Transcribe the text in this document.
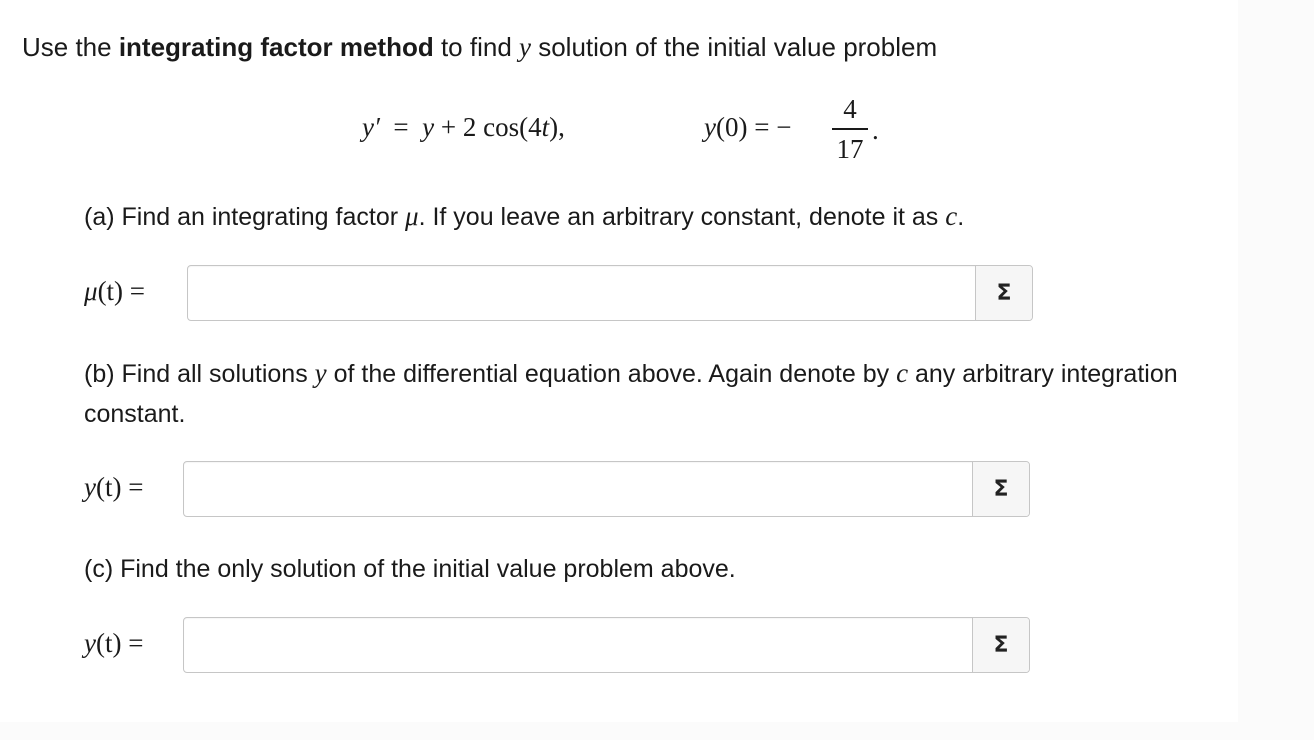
Use the integrating factor method to find y solution of the initial value problem
y′ = y + 2 cos(4t),	y(0) = −
4
17
.
(a) Find an integrating factor μ. If you leave an arbitrary constant, denote it as c.
μ(t) =	Σ
(b) Find all solutions y of the differential equation above. Again denote by c any arbitrary integration constant.
y(t) =	Σ
(c) Find the only solution of the initial value problem above.
y(t) =	Σ
